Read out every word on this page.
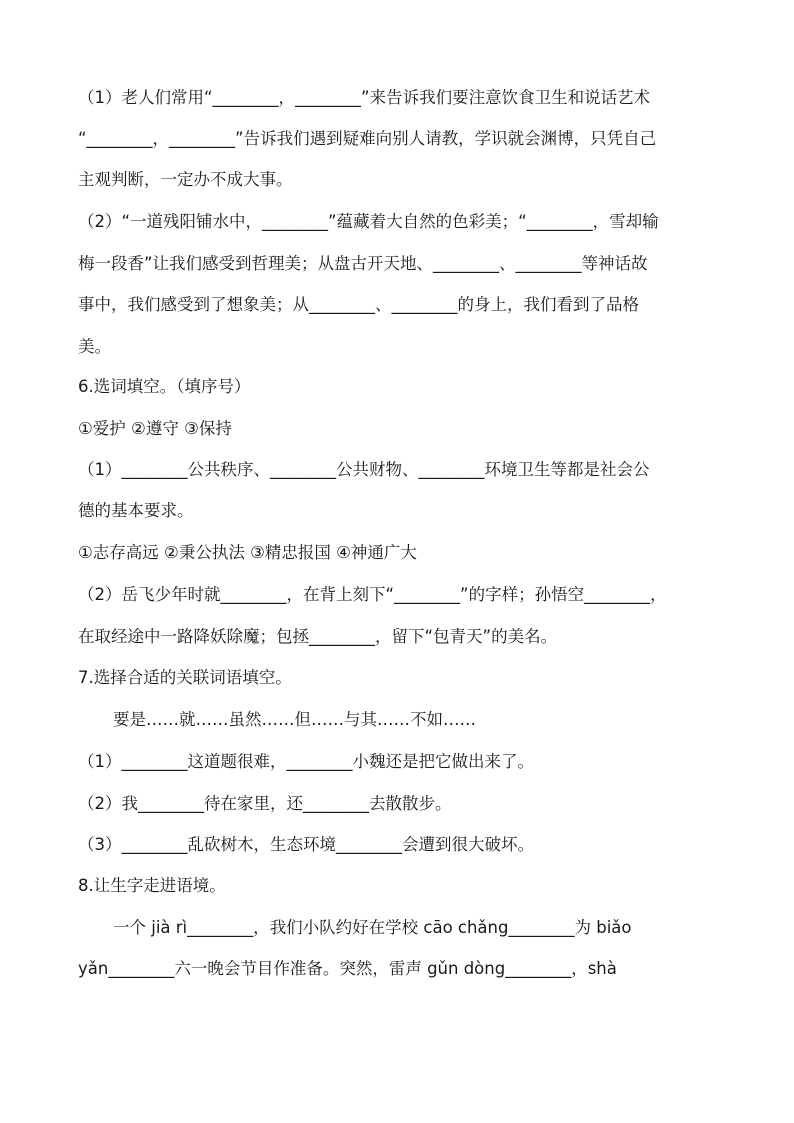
（1）老人们常用“________，________”来告诉我们要注意饮食卫生和说话艺术
“________，________”告诉我们遇到疑难向别人请教，学识就会渊博，只凭自己
主观判断，一定办不成大事。
（2）“一道残阳铺水中，________”蕴藏着大自然的色彩美；“________，雪却输
梅一段香”让我们感受到哲理美；从盘古开天地、________、________等神话故
事中，我们感受到了想象美；从________、________的身上，我们看到了品格
美。
6.选词填空。（填序号）
①爱护 ②遵守 ③保持
（1）________公共秩序、________公共财物、________环境卫生等都是社会公
德的基本要求。
①志存高远 ②秉公执法 ③精忠报国 ④神通广大
（2）岳飞少年时就________，在背上刻下“________”的字样；孙悟空________，
在取经途中一路降妖除魔；包拯________，留下“包青天”的美名。
7.选择合适的关联词语填空。
要是……就……虽然……但……与其……不如……
（1）________这道题很难，________小魏还是把它做出来了。
（2）我________待在家里，还________去散散步。
（3）________乱砍树木，生态环境________会遭到很大破坏。
8.让生字走进语境。
一个 jià rì________，我们小队约好在学校 cāo chǎng________为 biǎo
yǎn________六一晚会节目作准备。突然，雷声 gǔn dòng________，shà
